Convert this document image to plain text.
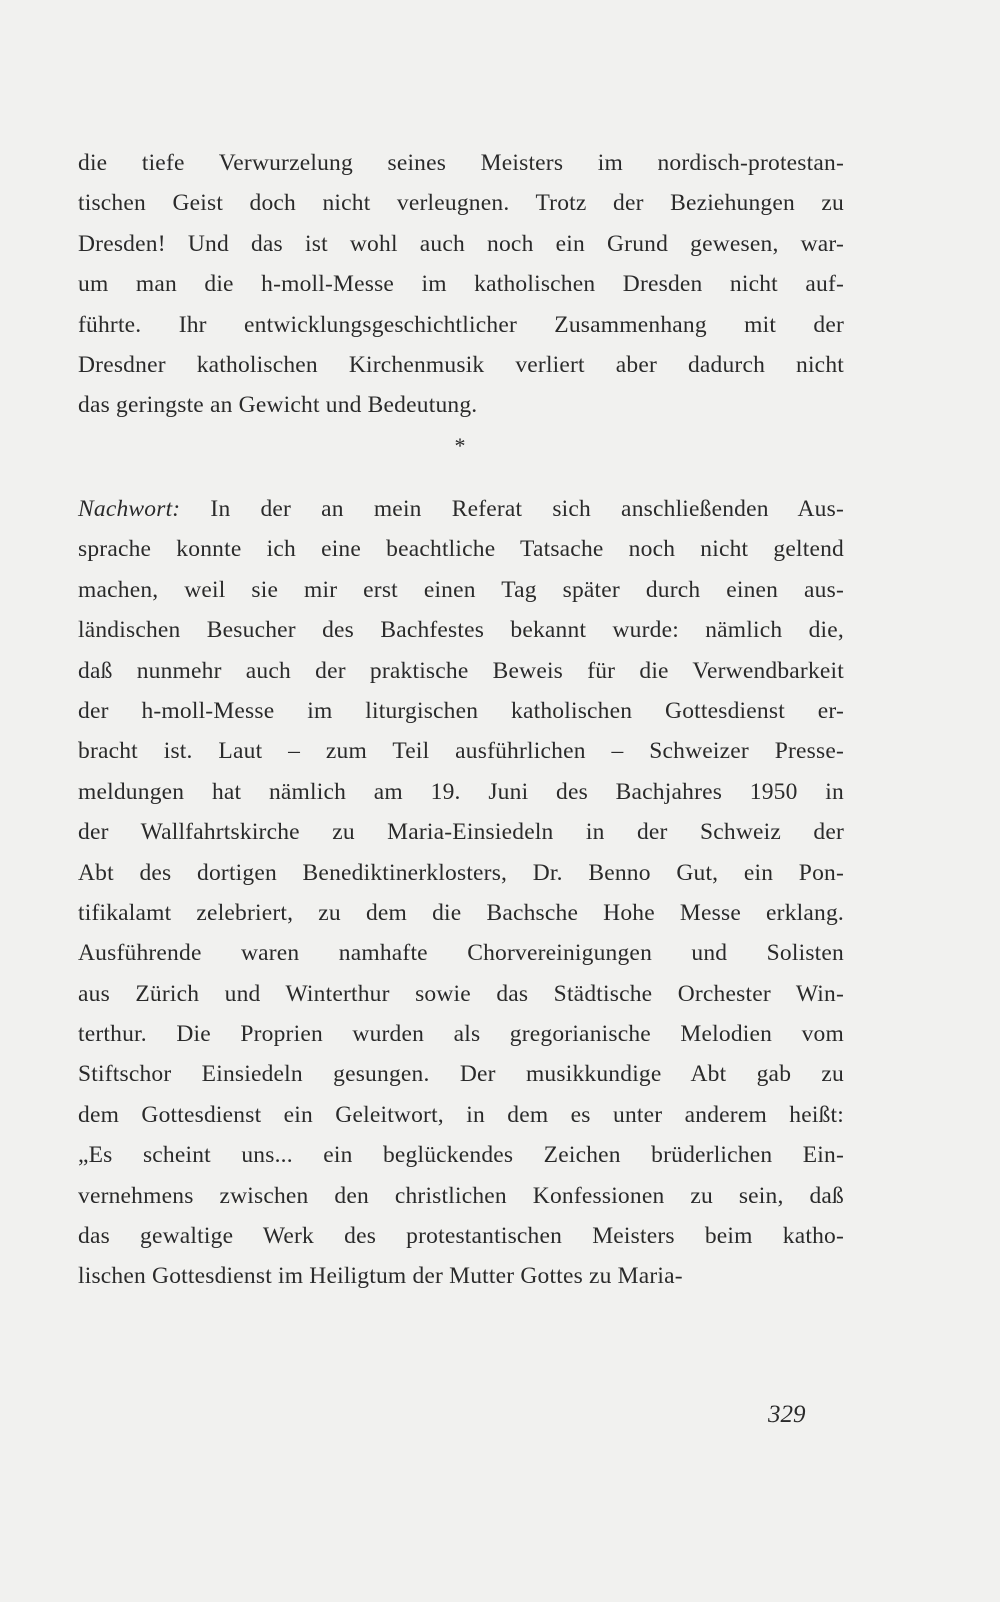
die tiefe Verwurzelung seines Meisters im nordisch-protestan-
tischen Geist doch nicht verleugnen. Trotz der Beziehungen zu
Dresden! Und das ist wohl auch noch ein Grund gewesen, war-
um man die h-moll-Messe im katholischen Dresden nicht auf-
führte. Ihr entwicklungsgeschichtlicher Zusammenhang mit der
Dresdner katholischen Kirchenmusik verliert aber dadurch nicht
das geringste an Gewicht und Bedeutung.
*
Nachwort: In der an mein Referat sich anschließenden Aus-
sprache konnte ich eine beachtliche Tatsache noch nicht geltend
machen, weil sie mir erst einen Tag später durch einen aus-
ländischen Besucher des Bachfestes bekannt wurde: nämlich die,
daß nunmehr auch der praktische Beweis für die Verwendbarkeit
der h-moll-Messe im liturgischen katholischen Gottesdienst er-
bracht ist. Laut – zum Teil ausführlichen – Schweizer Presse-
meldungen hat nämlich am 19. Juni des Bachjahres 1950 in
der Wallfahrtskirche zu Maria-Einsiedeln in der Schweiz der
Abt des dortigen Benediktinerklosters, Dr. Benno Gut, ein Pon-
tifikalamt zelebriert, zu dem die Bachsche Hohe Messe erklang.
Ausführende waren namhafte Chorvereinigungen und Solisten
aus Zürich und Winterthur sowie das Städtische Orchester Win-
terthur. Die Proprien wurden als gregorianische Melodien vom
Stiftschor Einsiedeln gesungen. Der musikkundige Abt gab zu
dem Gottesdienst ein Geleitwort, in dem es unter anderem heißt:
„Es scheint uns... ein beglückendes Zeichen brüderlichen Ein-
vernehmens zwischen den christlichen Konfessionen zu sein, daß
das gewaltige Werk des protestantischen Meisters beim katho-
lischen Gottesdienst im Heiligtum der Mutter Gottes zu Maria-
329
